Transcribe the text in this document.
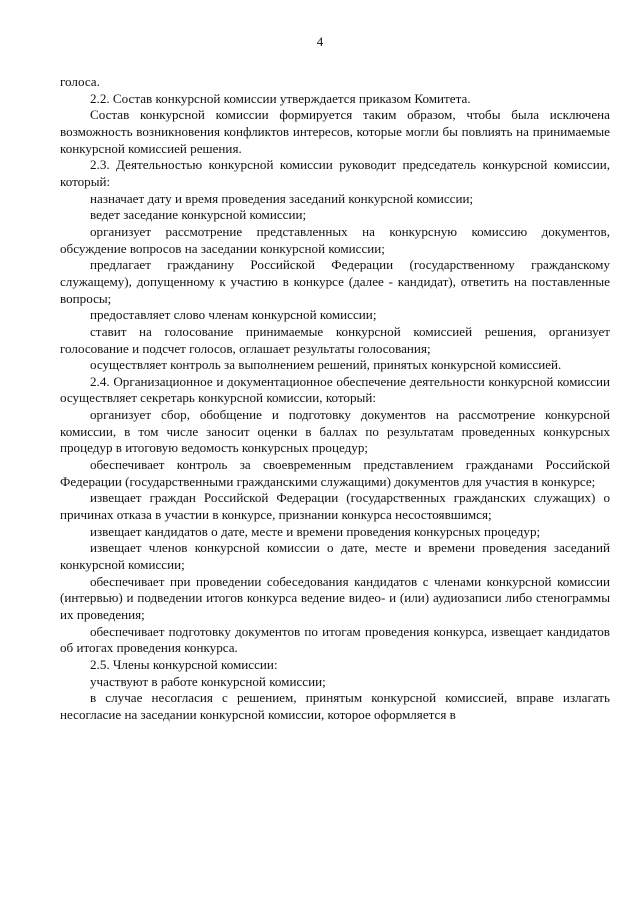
4

голоса.

2.2. Состав конкурсной комиссии утверждается приказом Комитета.

Состав конкурсной комиссии формируется таким образом, чтобы была исключена возможность возникновения конфликтов интересов, которые могли бы повлиять на принимаемые конкурсной комиссией решения.

2.3. Деятельностью конкурсной комиссии руководит председатель конкурсной комиссии, который:

назначает дату и время проведения заседаний конкурсной комиссии;

ведет заседание конкурсной комиссии;

организует рассмотрение представленных на конкурсную комиссию документов, обсуждение вопросов на заседании конкурсной комиссии;

предлагает гражданину Российской Федерации (государственному гражданскому служащему), допущенному к участию в конкурсе (далее - кандидат), ответить на поставленные вопросы;

предоставляет слово членам конкурсной комиссии;

ставит на голосование принимаемые конкурсной комиссией решения, организует голосование и подсчет голосов, оглашает результаты голосования;

осуществляет контроль за выполнением решений, принятых конкурсной комиссией.

2.4. Организационное и документационное обеспечение деятельности конкурсной комиссии осуществляет секретарь конкурсной комиссии, который:

организует сбор, обобщение и подготовку документов на рассмотрение конкурсной комиссии, в том числе заносит оценки в баллах по результатам проведенных конкурсных процедур в итоговую ведомость конкурсных процедур;

обеспечивает контроль за своевременным представлением гражданами Российской Федерации (государственными гражданскими служащими) документов для участия в конкурсе;

извещает граждан Российской Федерации (государственных гражданских служащих) о причинах отказа в участии в конкурсе, признании конкурса несостоявшимся;

извещает кандидатов о дате, месте и времени проведения конкурсных процедур;

извещает членов конкурсной комиссии о дате, месте и времени проведения заседаний конкурсной комиссии;

обеспечивает при проведении собеседования кандидатов с членами конкурсной комиссии (интервью) и подведении итогов конкурса ведение видео- и (или) аудиозаписи либо стенограммы их проведения;

обеспечивает подготовку документов по итогам проведения конкурса, извещает кандидатов об итогах проведения конкурса.

2.5. Члены конкурсной комиссии:

участвуют в работе конкурсной комиссии;

в случае несогласия с решением, принятым конкурсной комиссией, вправе излагать несогласие на заседании конкурсной комиссии, которое оформляется в
